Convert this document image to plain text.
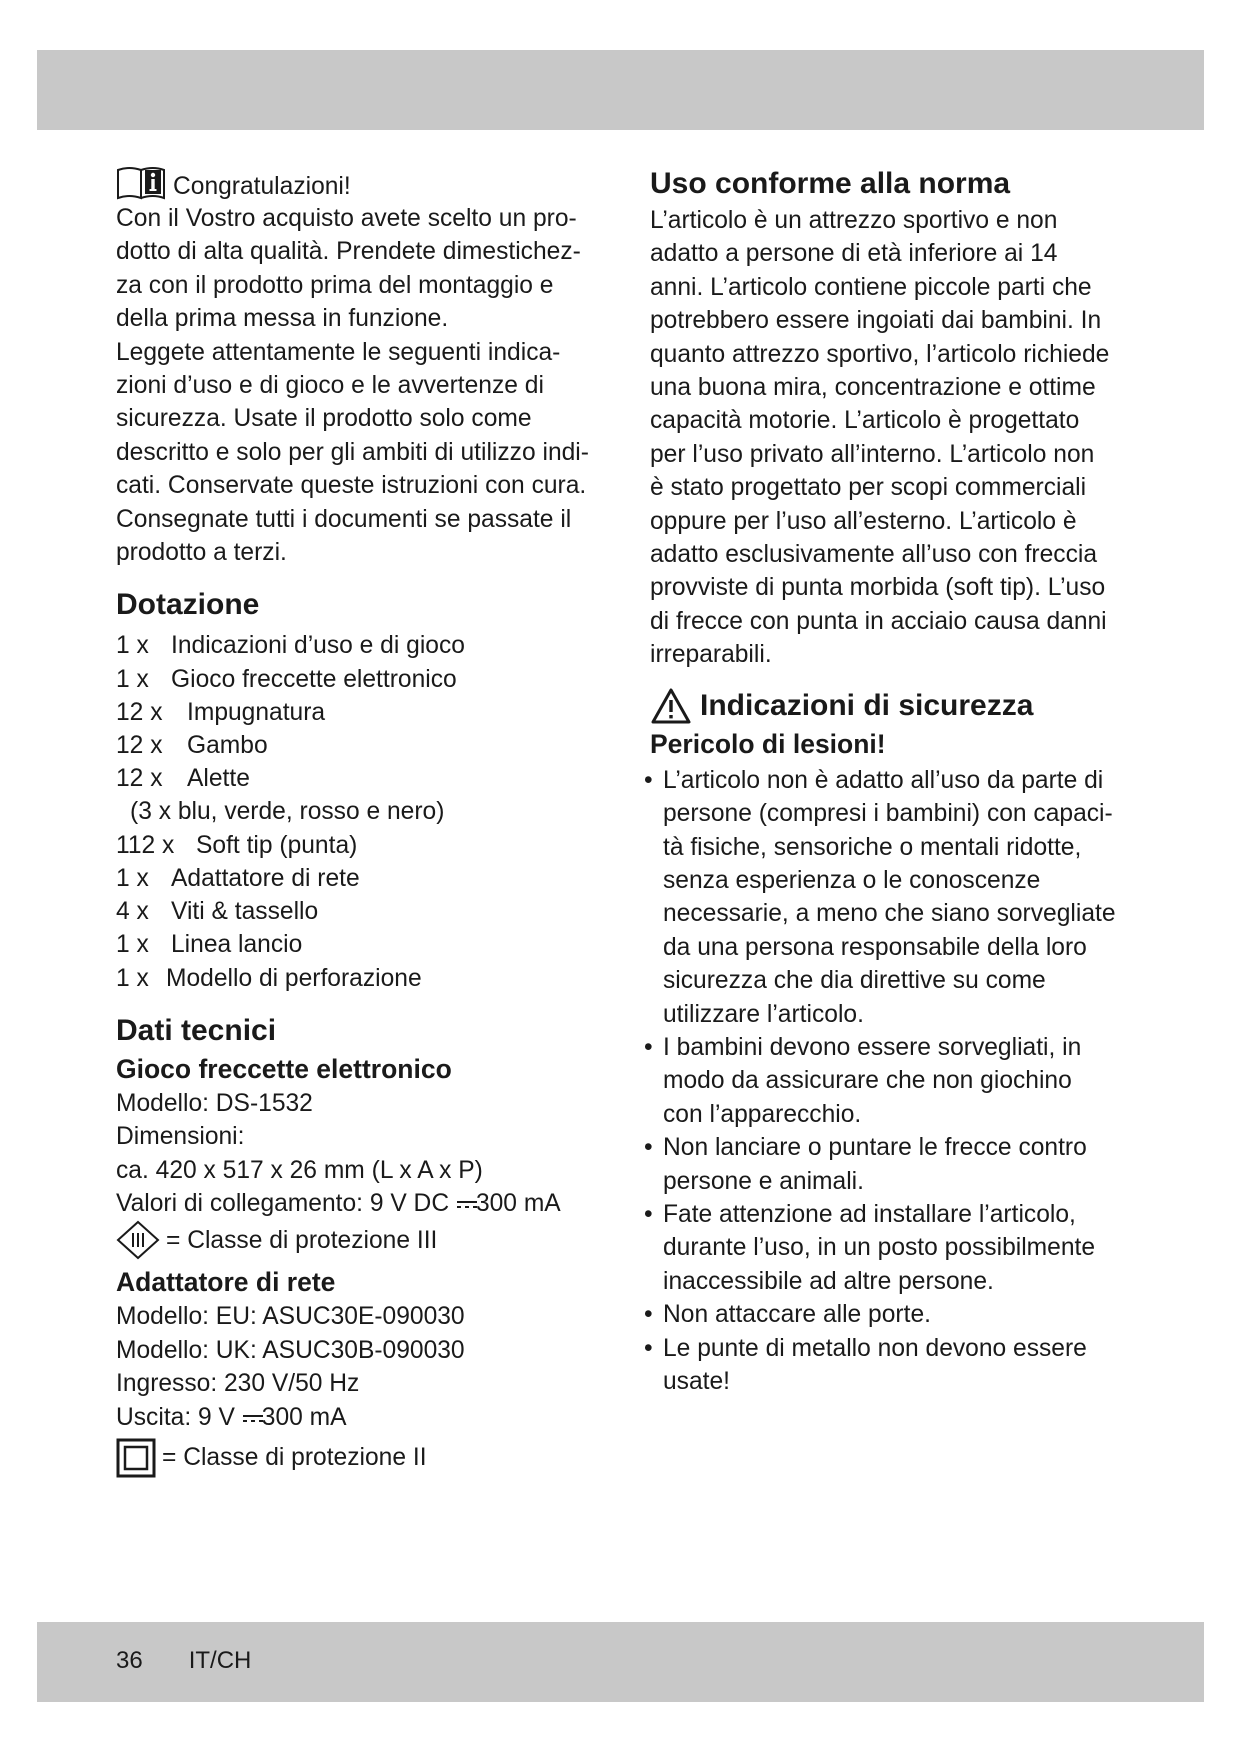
Congratulazioni!

Con il Vostro acquisto avete scelto un pro-

dotto di alta qualità. Prendete dimestichez-

za con il prodotto prima del montaggio e

della prima messa in funzione.

Leggete attentamente le seguenti indica-

zioni d’uso e di gioco e le avvertenze di

sicurezza. Usate il prodotto solo come

descritto e solo per gli ambiti di utilizzo indi-

cati. Conservate queste istruzioni con cura.

Consegnate tutti i documenti se passate il

prodotto a terzi.

Dotazione
1 x Indicazioni d’uso e di gioco
1 x Gioco freccette elettronico
12 x Impugnatura
12 x Gambo
12 x Alette
(3 x blu, verde, rosso e nero)
112 x Soft tip (punta)
1 x Adattatore di rete
4 x Viti & tassello
1 x Linea lancio
1 x Modello di perforazione
Dati tecnici
Gioco freccette elettronico

Modello: DS-1532

Dimensioni:

ca. 420 x 517 x 26 mm (L x A x P)

Valori di collegamento: 9 V DC 300 mA

= Classe di protezione III
Adattatore di rete

Modello: EU: ASUC30E-090030

Modello: UK: ASUC30B-090030

Ingresso: 230 V/50 Hz

Uscita: 9 V 300 mA

= Classe di protezione II
Uso conforme alla norma

L’articolo è un attrezzo sportivo e non

adatto a persone di età inferiore ai 14

anni. L’articolo contiene piccole parti che

potrebbero essere ingoiati dai bambini. In

quanto attrezzo sportivo, l’articolo richiede

una buona mira, concentrazione e ottime

capacità motorie. L’articolo è progettato

per l’uso privato all’interno. L’articolo non

è stato progettato per scopi commerciali

oppure per l’uso all’esterno. L’articolo è

adatto esclusivamente all’uso con freccia

provviste di punta morbida (soft tip). L’uso

di frecce con punta in acciaio causa danni

irreparabili.

Indicazioni di sicurezza
Pericolo di lesioni!
• L’articolo non è adatto all’uso da parte di
persone (compresi i bambini) con capaci-
tà fisiche, sensoriche o mentali ridotte,
senza esperienza o le conoscenze
necessarie, a meno che siano sorvegliate
da una persona responsabile della loro
sicurezza che dia direttive su come
utilizzare l’articolo.
• I bambini devono essere sorvegliati, in
modo da assicurare che non giochino
con l’apparecchio.
• Non lanciare o puntare le frecce contro
persone e animali.
• Fate attenzione ad installare l’articolo,
durante l’uso, in un posto possibilmente
inaccessibile ad altre persone.
• Non attaccare alle porte.
• Le punte di metallo non devono essere
usate!
36 IT/CH
